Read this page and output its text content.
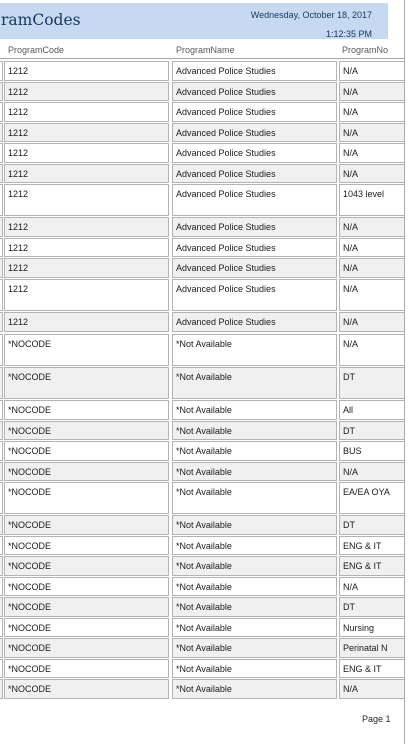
ramCodes	Wednesday, October 18, 2017
1:12:35 PM
ProgramCode	ProgramName	ProgramNo
1212	Advanced Police Studies	N/A
1212	Advanced Police Studies	N/A
1212	Advanced Police Studies	N/A
1212	Advanced Police Studies	N/A
1212	Advanced Police Studies	N/A
1212	Advanced Police Studies	N/A
1212	Advanced Police Studies	1043 level
1212	Advanced Police Studies	N/A
1212	Advanced Police Studies	N/A
1212	Advanced Police Studies	N/A
1212	Advanced Police Studies	N/A
1212	Advanced Police Studies	N/A
*NOCODE	*Not Available	N/A
*NOCODE	*Not Available	DT
*NOCODE	*Not Available	All
*NOCODE	*Not Available	DT
*NOCODE	*Not Available	BUS
*NOCODE	*Not Available	N/A
*NOCODE	*Not Available	EA/EA OYA
*NOCODE	*Not Available	DT
*NOCODE	*Not Available	ENG & IT
*NOCODE	*Not Available	ENG & IT
*NOCODE	*Not Available	N/A
*NOCODE	*Not Available	DT
*NOCODE	*Not Available	Nursing
*NOCODE	*Not Available	Perinatal N
*NOCODE	*Not Available	ENG & IT
*NOCODE	*Not Available	N/A
Page 1
